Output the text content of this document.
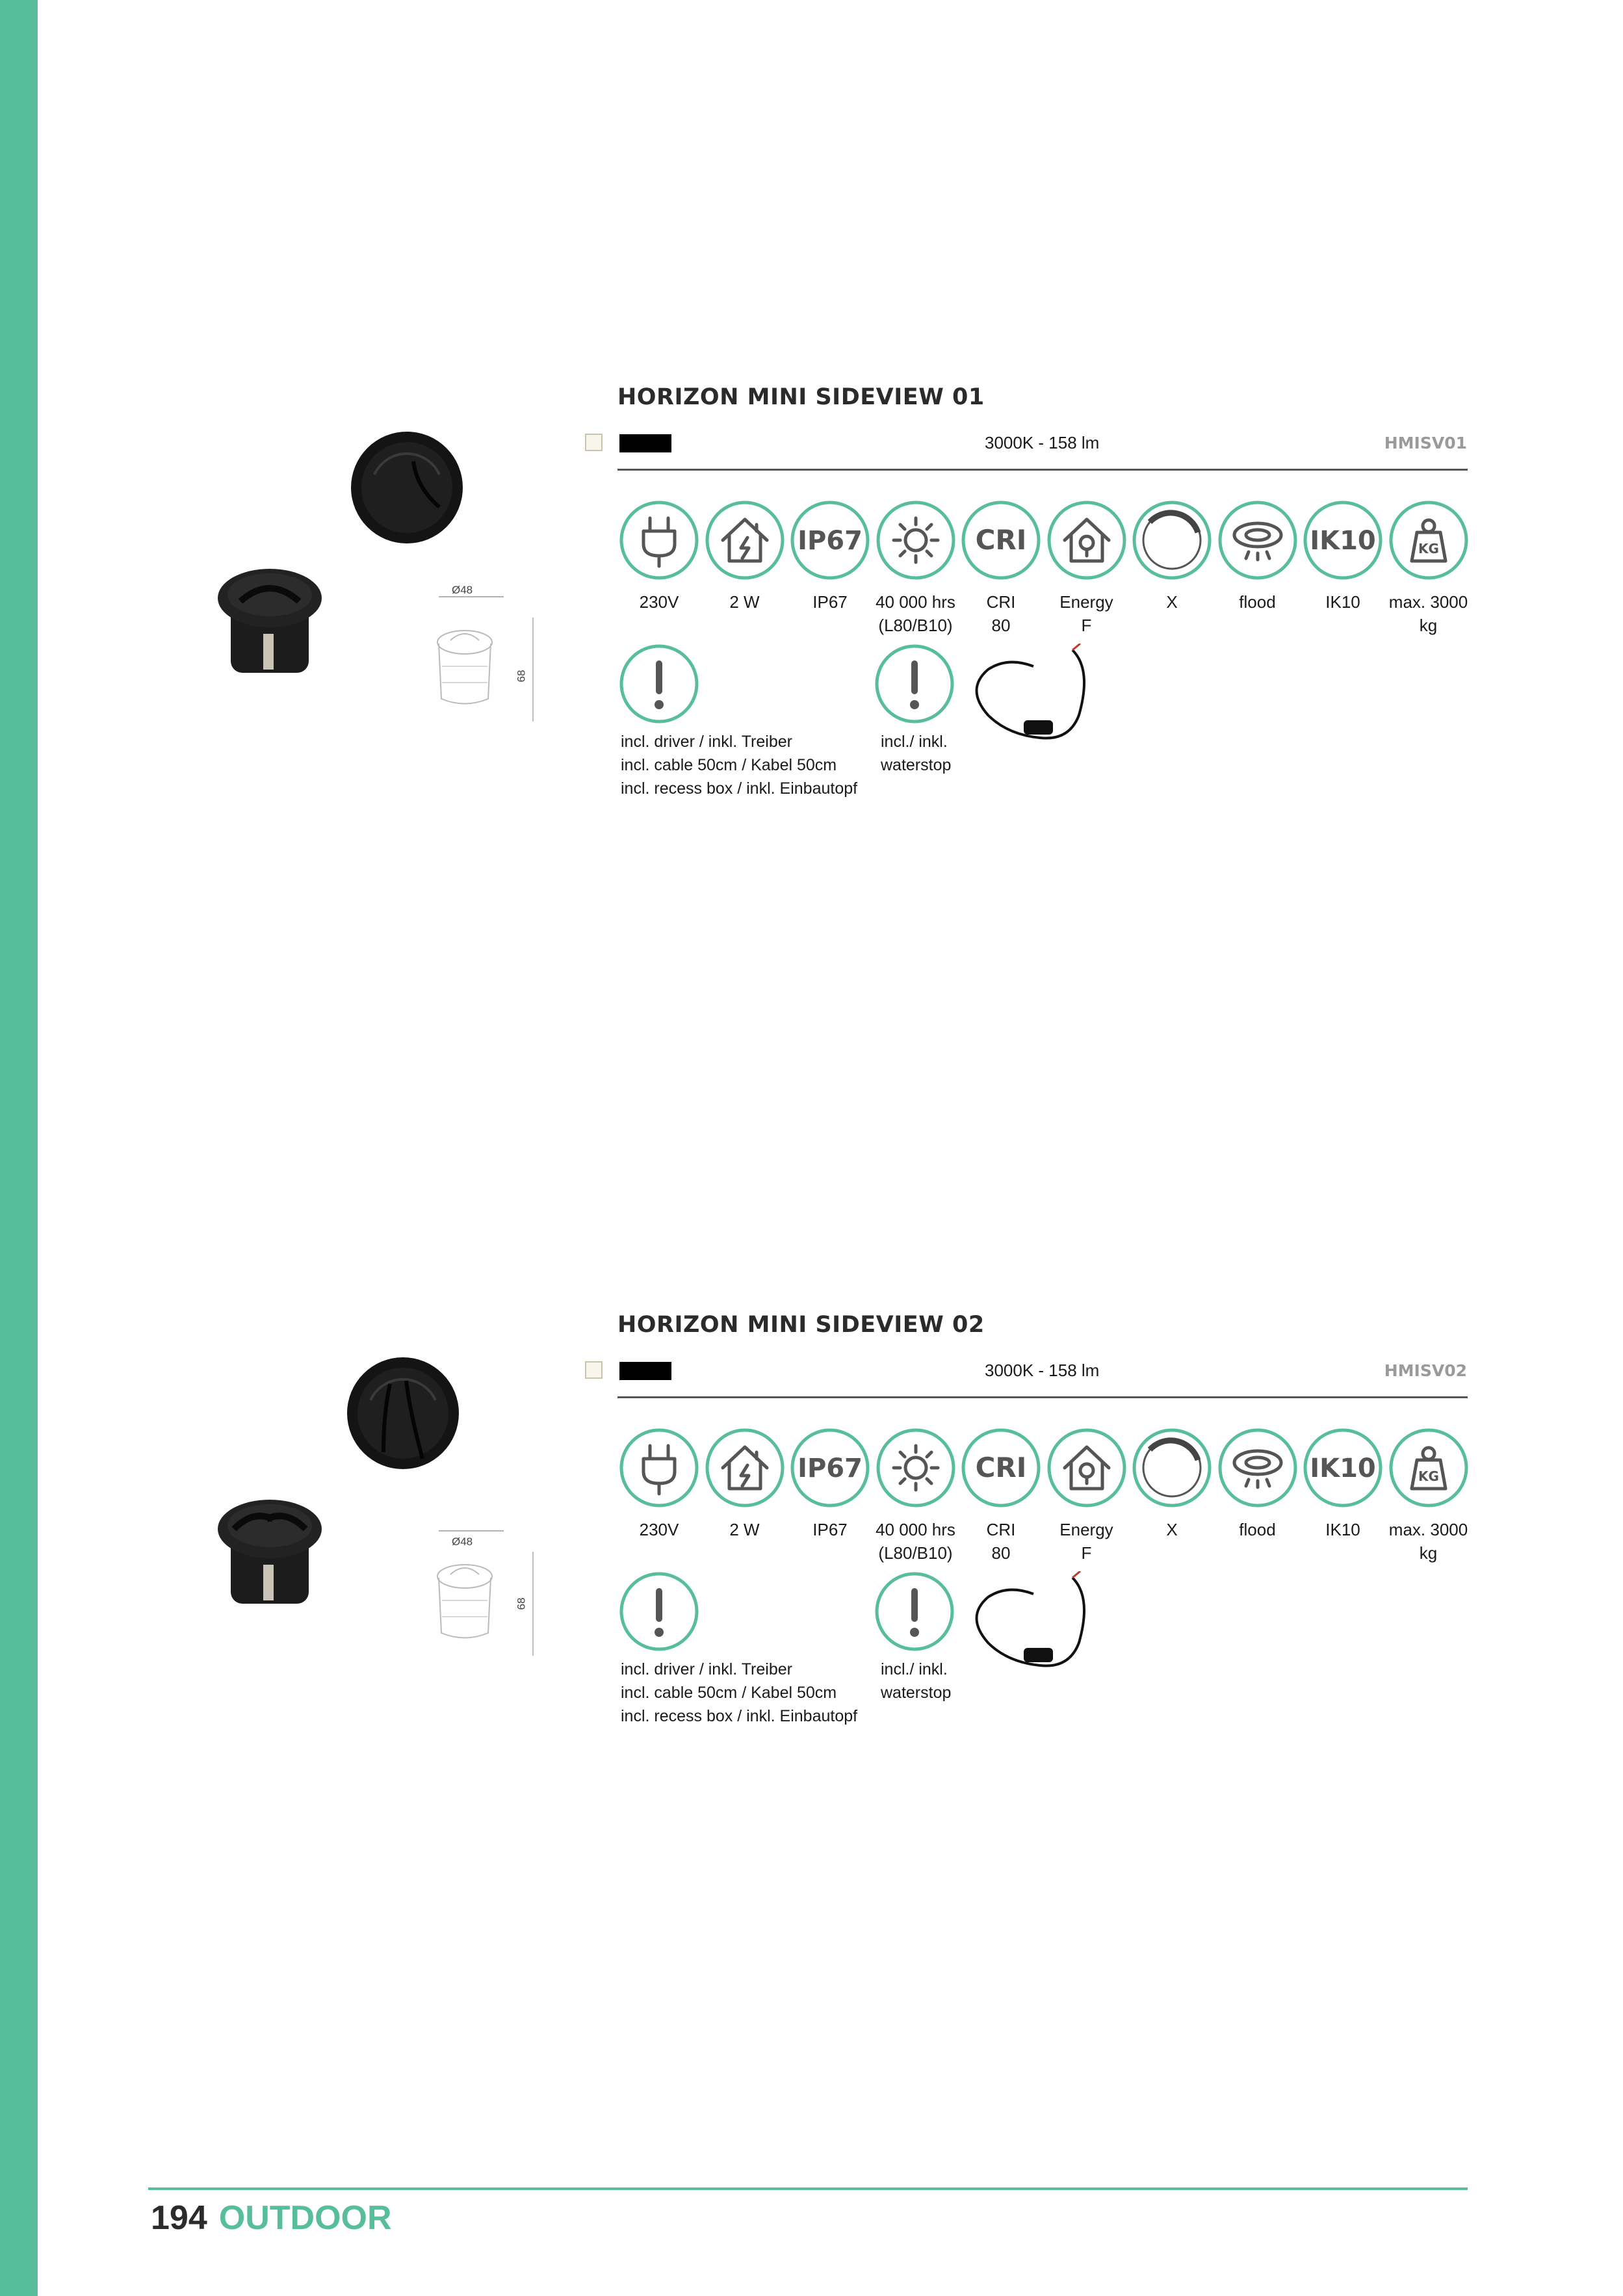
HORIZON MINI SIDEVIEW 01
3000K - 158 lm	HMISV01
Ø48
68
incl. driver / inkl. Treiber
incl. cable 50cm / Kabel 50cm
incl. recess box / inkl. Einbautopf
incl./ inkl.
waterstop
IP67	CRI	IK10	KG
230V	2 W	IP67	40 000 hrs
(L80/B10)
CRI
80
Energy
F
X	flood	IK10	max. 3000
kg
HORIZON MINI SIDEVIEW 02
3000K - 158 lm	HMISV02
Ø48
68
incl. driver / inkl. Treiber
incl. cable 50cm / Kabel 50cm
incl. recess box / inkl. Einbautopf
incl./ inkl.
waterstop
IP67	CRI	IK10	KG
230V	2 W	IP67	40 000 hrs
(L80/B10)
CRI
80
Energy
F
X	flood	IK10	max. 3000
kg
194 OUTDOOR
